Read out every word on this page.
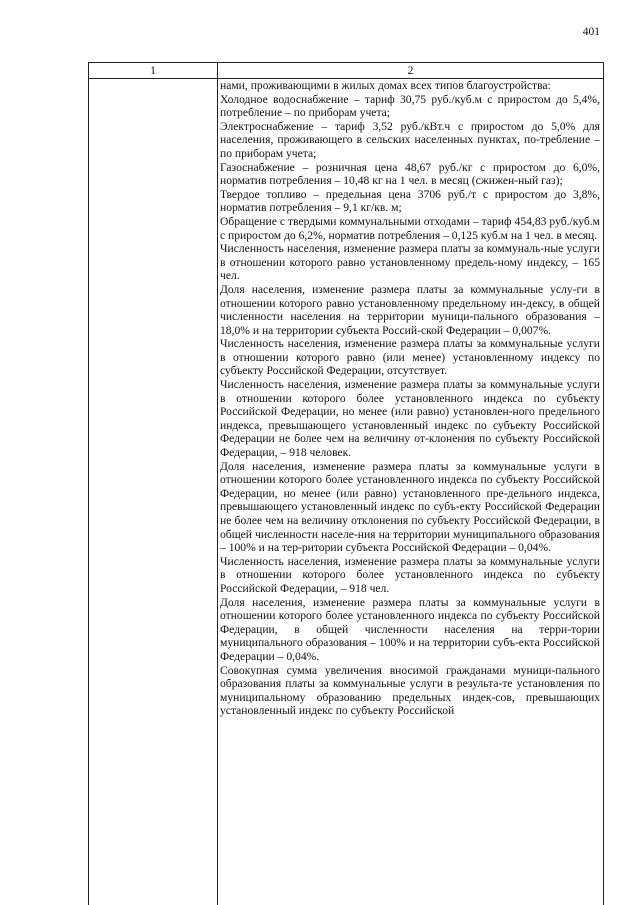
401
1	2

нами, проживающими в жилых домах всех типов благоустройства:

Холодное водоснабжение – тариф 30,75 руб./куб.м с приростом до 5,4%, потребление – по приборам учета;

Электроснабжение – тариф 3,52 руб./кВт.ч с приростом до 5,0% для населения, проживающего в сельских населенных пунктах, по-требление – по приборам учета;

Газоснабжение – розничная цена 48,67 руб./кг с приростом до 6,0%, норматив потребления – 10,48 кг на 1 чел. в месяц (сжижен-ный газ);

Твердое топливо – предельная цена 3706 руб./т с приростом до 3,8%, норматив потребления – 9,1 кг/кв. м;

Обращение с твердыми коммунальными отходами – тариф 454,83 руб./куб.м с приростом до 6,2%, норматив потребления – 0,125 куб.м на 1 чел. в месяц.

Численность населения, изменение размера платы за коммуналь-ные услуги в отношении которого равно установленному предель-ному индексу, – 165 чел.

Доля населения, изменение размера платы за коммунальные услу-ги в отношении которого равно установленному предельному ин-дексу, в общей численности населения на территории муници-пального образования – 18,0% и на территории субъекта Россий-ской Федерации – 0,007%.

Численность населения, изменение размера платы за коммунальные услуги в отношении которого равно (или менее) установленному индексу по субъекту Российской Федерации, отсутствует.

Численность населения, изменение размера платы за коммунальные услуги в отношении которого более установленного индекса по субъекту Российской Федерации, но менее (или равно) установлен-ного предельного индекса, превышающего установленный индекс по субъекту Российской Федерации не более чем на величину от-клонения по субъекту Российской Федерации, – 918 человек.

Доля населения, изменение размера платы за коммунальные услуги в отношении которого более установленного индекса по субъекту Российской Федерации, но менее (или равно) установленного пре-дельного индекса, превышающего установленный индекс по субъ-екту Российской Федерации не более чем на величину отклонения по субъекту Российской Федерации, в общей численности населе-ния на территории муниципального образования – 100% и на тер-ритории субъекта Российской Федерации – 0,04%.

Численность населения, изменение размера платы за коммунальные услуги в отношении которого более установленного индекса по субъекту Российской Федерации, – 918 чел.

Доля населения, изменение размера платы за коммунальные услуги в отношении которого более установленного индекса по субъекту Российской Федерации, в общей численности населения на терри-тории муниципального образования – 100% и на территории субъ-екта Российской Федерации – 0,04%.

Совокупная сумма увеличения вносимой гражданами муници-пального образования платы за коммунальные услуги в результа-те установления по муниципальному образованию предельных индек-сов, превышающих установленный индекс по субъекту Российской
